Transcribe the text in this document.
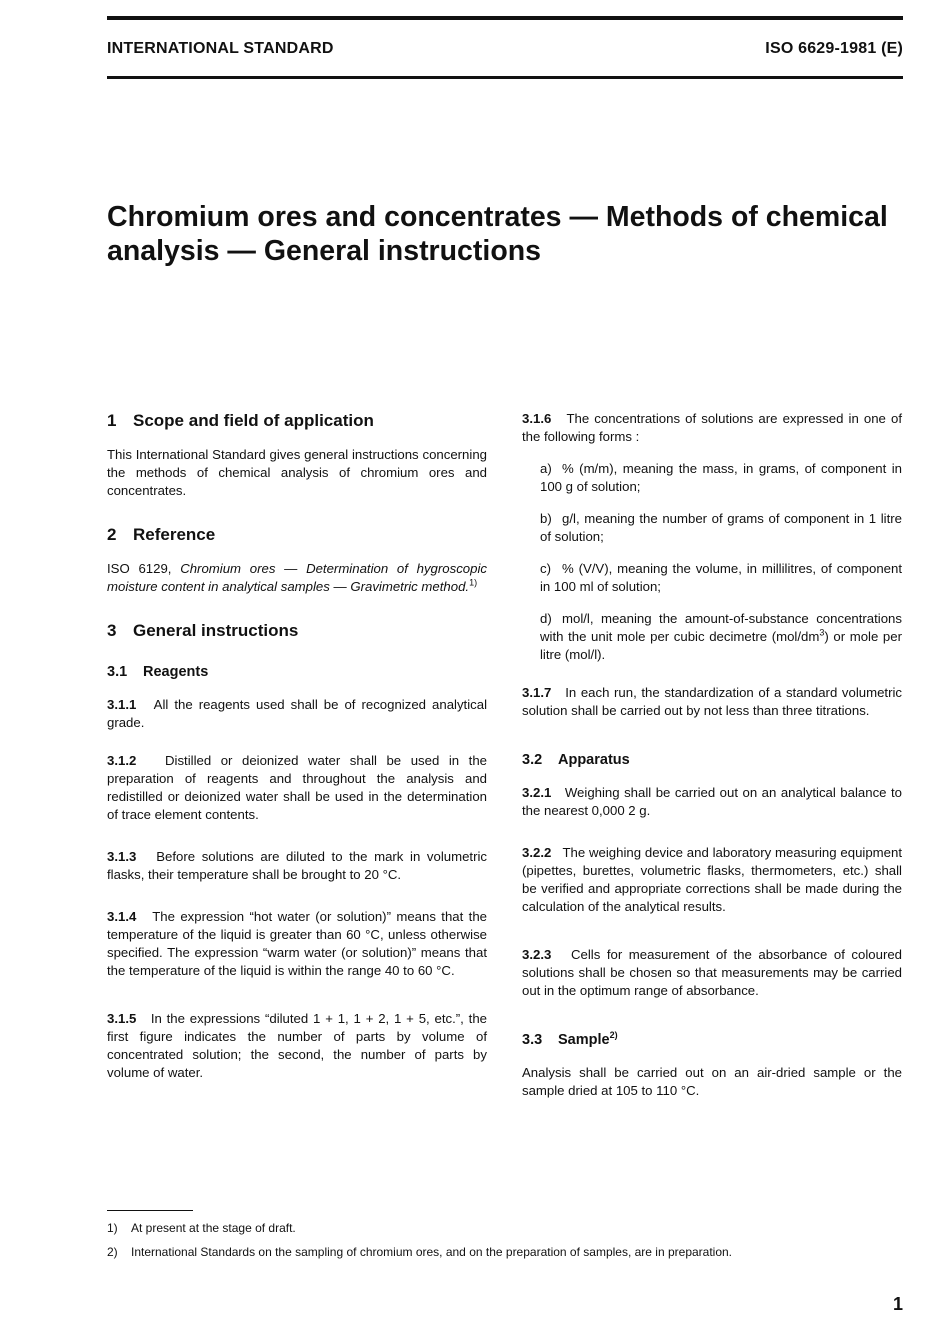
INTERNATIONAL STANDARD	ISO 6629-1981 (E)
Chromium ores and concentrates — Methods of chemical
analysis — General instructions
1 Scope and field of application

This International Standard gives general instructions concerning the methods of chemical analysis of chromium ores and concentrates.

2 Reference

ISO 6129, Chromium ores — Determination of hygroscopic moisture content in analytical samples — Gravimetric method.$^{1)}$

3 General instructions
3.1 Reagents

3.1.1 All the reagents used shall be of recognized analytical grade.

3.1.2 Distilled or deionized water shall be used in the preparation of reagents and throughout the analysis and redistilled or deionized water shall be used in the determination of trace element contents.

3.1.3 Before solutions are diluted to the mark in volumetric flasks, their temperature shall be brought to 20 °C.

3.1.4 The expression “hot water (or solution)” means that the temperature of the liquid is greater than 60 °C, unless otherwise specified. The expression “warm water (or solution)” means that the temperature of the liquid is within the range 40 to 60 °C.

3.1.5 In the expressions “diluted 1 + 1, 1 + 2, 1 + 5, etc.”, the first figure indicates the number of parts by volume of concentrated solution; the second, the number of parts by volume of water.

3.1.6 The concentrations of solutions are expressed in one of the following forms :

a) % (m/m), meaning the mass, in grams, of component in 100 g of solution;

b) g/l, meaning the number of grams of component in 1 litre of solution;

c) % (V/V), meaning the volume, in millilitres, of component in 100 ml of solution;

d) mol/l, meaning the amount-of-substance concentrations with the unit mole per cubic decimetre (mol/dm$^3$) or mole per litre (mol/l).

3.1.7 In each run, the standardization of a standard volumetric solution shall be carried out by not less than three titrations.

3.2 Apparatus

3.2.1 Weighing shall be carried out on an analytical balance to the nearest 0,000 2 g.

3.2.2 The weighing device and laboratory measuring equipment (pipettes, burettes, volumetric flasks, thermometers, etc.) shall be verified and appropriate corrections shall be made during the calculation of the analytical results.

3.2.3 Cells for measurement of the absorbance of coloured solutions shall be chosen so that measurements may be carried out in the optimum range of absorbance.

3.3 Sample$^{2)}$

Analysis shall be carried out on an air-dried sample or the sample dried at 105 to 110 °C.

1)	At present at the stage of draft.
2)	International Standards on the sampling of chromium ores, and on the preparation of samples, are in preparation.
1
